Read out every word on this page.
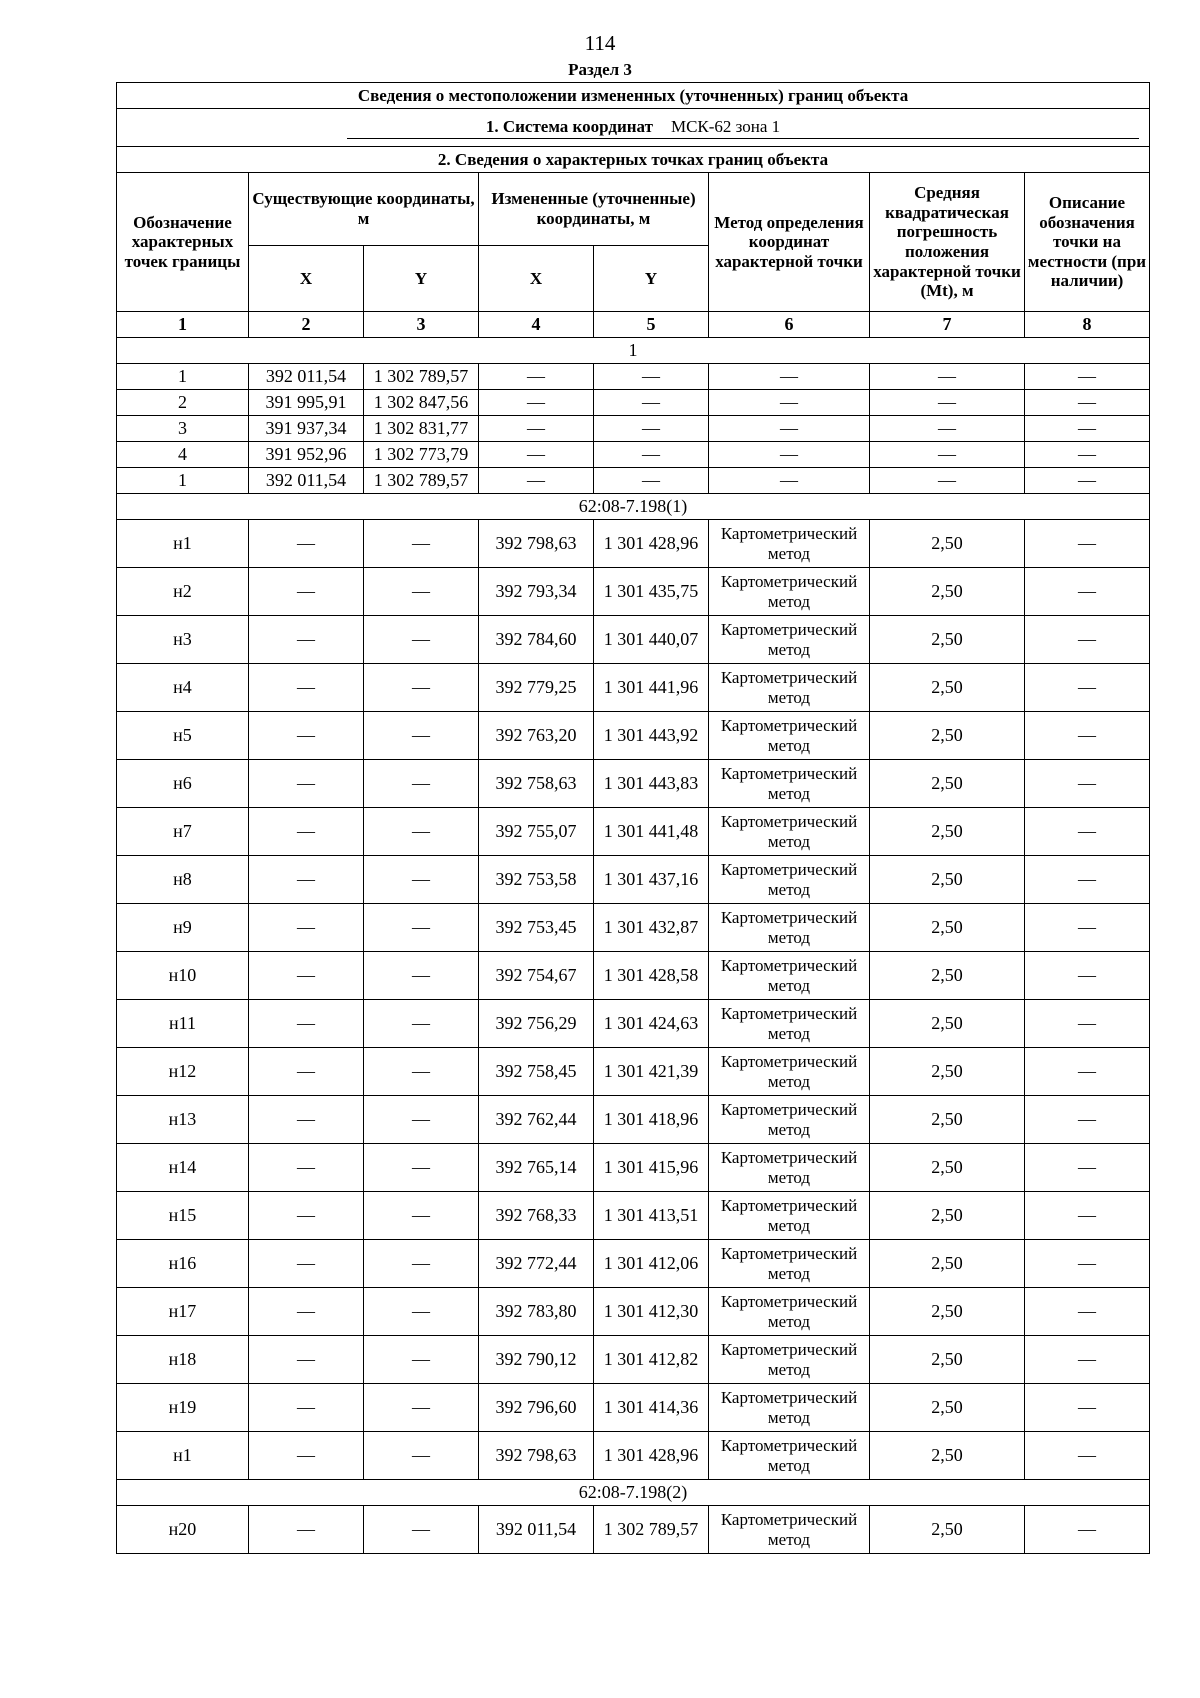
114
Раздел 3
Сведения о местоположении измененных (уточненных) границ объекта							
1. Система координат МСК-62 зона 1							

2. Сведения о характерных точках границ объекта							
Обозначение характерных точек границы	Существующие координаты, м		Измененные (уточненные) координаты, м		Метод определения координат характерной точки	Средняя квадратическая погрешность положения характерной точки (Mt), м	Описание обозначения точки на местности (при наличии)
	X	Y	X	Y			
1	2	3	4	5	6	7	8
1							
1	392 011,54	1 302 789,57	—	—	—	—	—
2	391 995,91	1 302 847,56	—	—	—	—	—
3	391 937,34	1 302 831,77	—	—	—	—	—
4	391 952,96	1 302 773,79	—	—	—	—	—
1	392 011,54	1 302 789,57	—	—	—	—	—
62:08-7.198(1)							
н1	—	—	392 798,63	1 301 428,96	Картометрический метод	2,50	—
н2	—	—	392 793,34	1 301 435,75	Картометрический метод	2,50	—
н3	—	—	392 784,60	1 301 440,07	Картометрический метод	2,50	—
н4	—	—	392 779,25	1 301 441,96	Картометрический метод	2,50	—
н5	—	—	392 763,20	1 301 443,92	Картометрический метод	2,50	—
н6	—	—	392 758,63	1 301 443,83	Картометрический метод	2,50	—
н7	—	—	392 755,07	1 301 441,48	Картометрический метод	2,50	—
н8	—	—	392 753,58	1 301 437,16	Картометрический метод	2,50	—
н9	—	—	392 753,45	1 301 432,87	Картометрический метод	2,50	—
н10	—	—	392 754,67	1 301 428,58	Картометрический метод	2,50	—
н11	—	—	392 756,29	1 301 424,63	Картометрический метод	2,50	—
н12	—	—	392 758,45	1 301 421,39	Картометрический метод	2,50	—
н13	—	—	392 762,44	1 301 418,96	Картометрический метод	2,50	—
н14	—	—	392 765,14	1 301 415,96	Картометрический метод	2,50	—
н15	—	—	392 768,33	1 301 413,51	Картометрический метод	2,50	—
н16	—	—	392 772,44	1 301 412,06	Картометрический метод	2,50	—
н17	—	—	392 783,80	1 301 412,30	Картометрический метод	2,50	—
н18	—	—	392 790,12	1 301 412,82	Картометрический метод	2,50	—
н19	—	—	392 796,60	1 301 414,36	Картометрический метод	2,50	—
н1	—	—	392 798,63	1 301 428,96	Картометрический метод	2,50	—
62:08-7.198(2)							
н20	—	—	392 011,54	1 302 789,57	Картометрический метод	2,50	—
